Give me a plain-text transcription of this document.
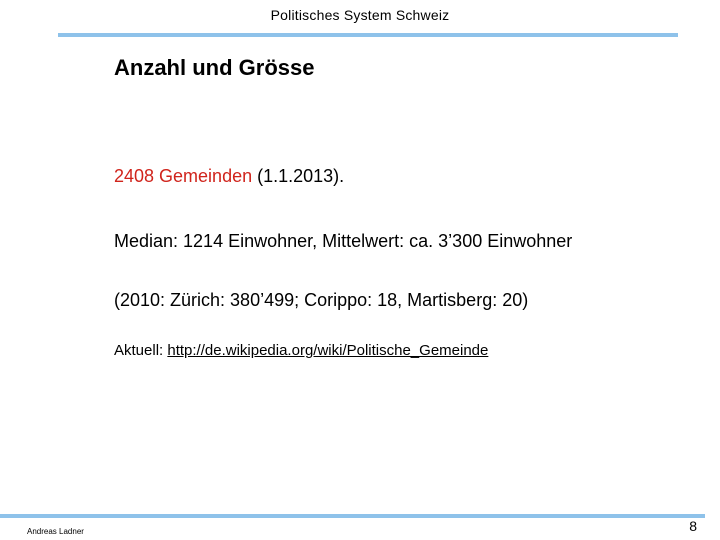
Politisches System Schweiz
Anzahl und Grösse
2408 Gemeinden (1.1.2013).
Median: 1214 Einwohner, Mittelwert: ca. 3’300 Einwohner
(2010: Zürich: 380’499; Corippo: 18, Martisberg: 20)
Aktuell: http://de.wikipedia.org/wiki/Politische_Gemeinde
Andreas Ladner	8
